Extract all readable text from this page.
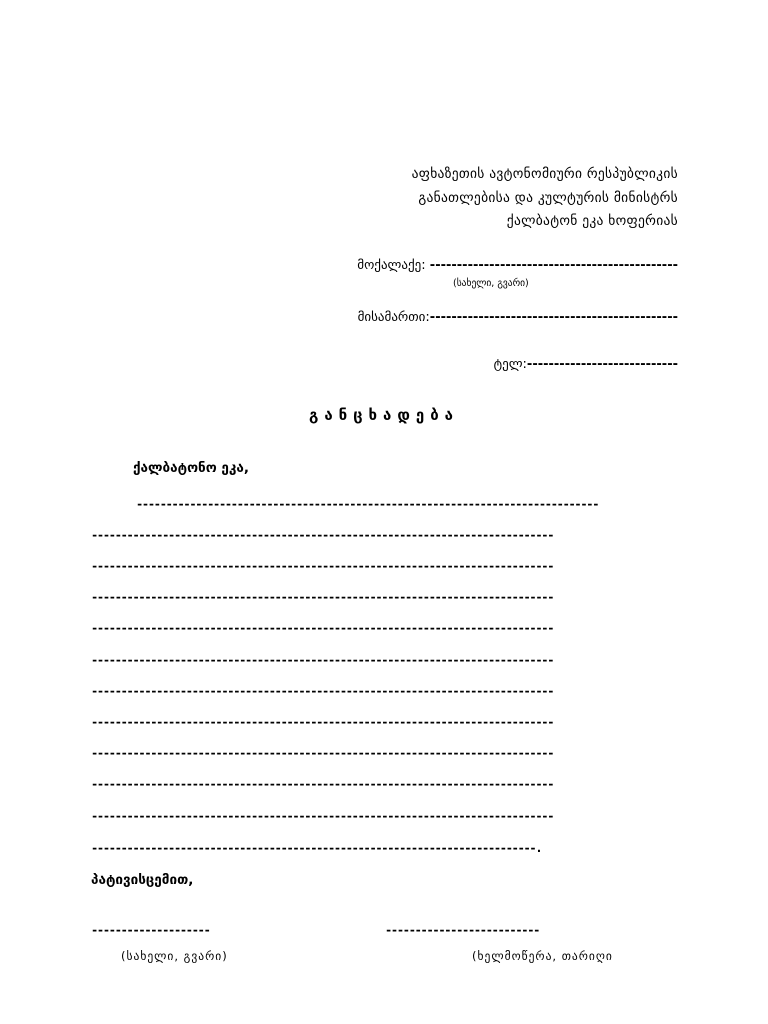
აფხაზეთის ავტონომიური რესპუბლიკის
განათლებისა და კულტურის მინისტრს
ქალბატონ ეკა ხოფერიას
მოქალაქე: ----------------------------------------------
(სახელი, გვარი)
მისამართი:----------------------------------------------
ტელ:----------------------------
განცხადება
ქალბატონო ეკა,
------------------------------------------------------------------------------
------------------------------------------------------------------------------
------------------------------------------------------------------------------
------------------------------------------------------------------------------
------------------------------------------------------------------------------
------------------------------------------------------------------------------
------------------------------------------------------------------------------
------------------------------------------------------------------------------
------------------------------------------------------------------------------
------------------------------------------------------------------------------
------------------------------------------------------------------------------
---------------------------------------------------------------------------.
პატივისცემით,
--------------------	--------------------------
(სახელი, გვარი)	(ხელმოწერა, თარიღი
